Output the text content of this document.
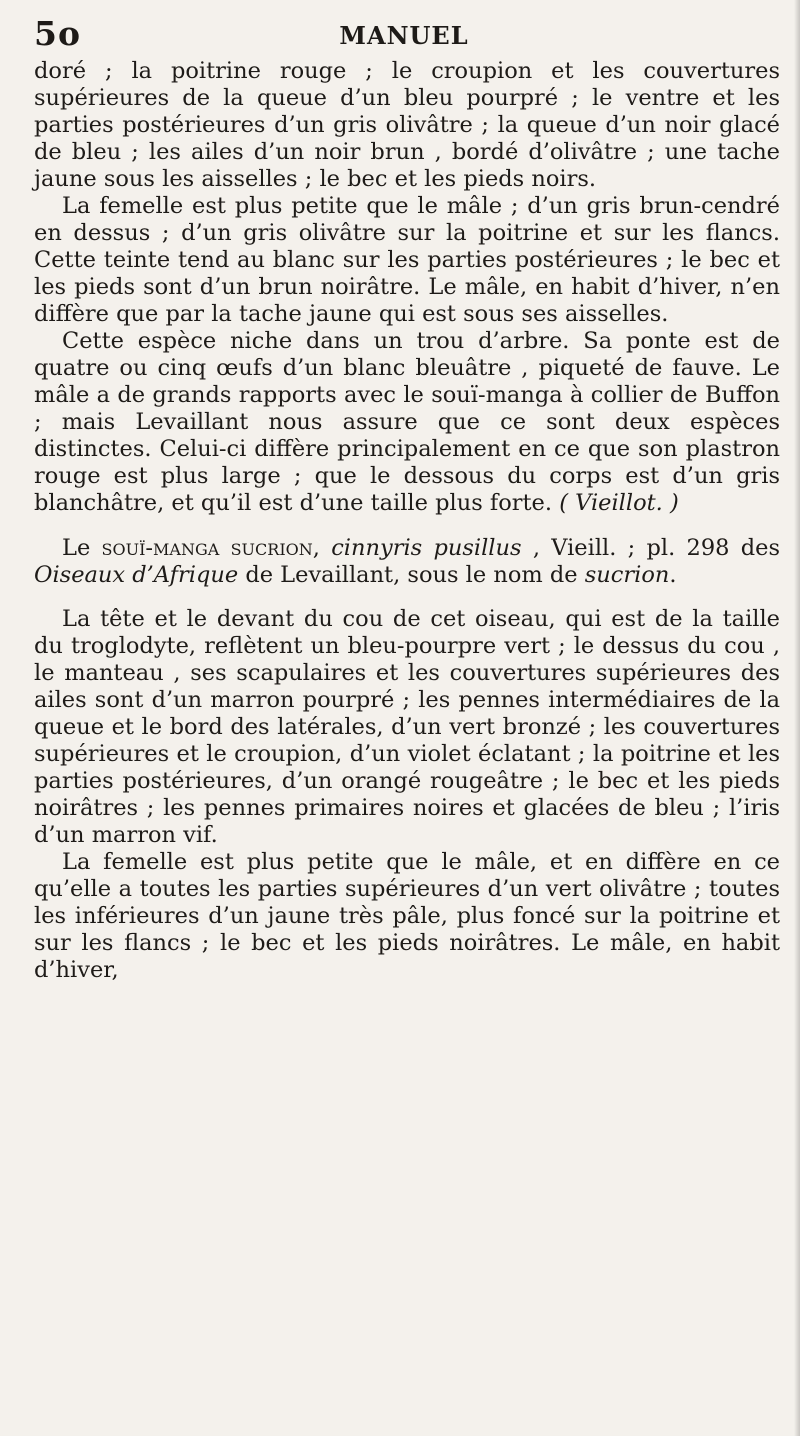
5o	MANUEL

doré ; la poitrine rouge ; le croupion et les couvertures supérieures de la queue d’un bleu pourpré ; le ventre et les parties postérieures d’un gris olivâtre ; la queue d’un noir glacé de bleu ; les ailes d’un noir brun , bordé d’olivâtre ; une tache jaune sous les aisselles ; le bec et les pieds noirs.

La femelle est plus petite que le mâle ; d’un gris brun-cendré en dessus ; d’un gris olivâtre sur la poitrine et sur les flancs. Cette teinte tend au blanc sur les parties postérieures ; le bec et les pieds sont d’un brun noirâtre. Le mâle, en habit d’hiver, n’en diffère que par la tache jaune qui est sous ses aisselles.

Cette espèce niche dans un trou d’arbre. Sa ponte est de quatre ou cinq œufs d’un blanc bleuâtre , piqueté de fauve. Le mâle a de grands rapports avec le souï-manga à collier de Buffon ; mais Levaillant nous assure que ce sont deux espèces distinctes. Celui-ci diffère principalement en ce que son plastron rouge est plus large ; que le dessous du corps est d’un gris blanchâtre, et qu’il est d’une taille plus forte. ( Vieillot. )

Le souï-manga sucrion, cinnyris pusillus , Vieill. ; pl. 298 des Oiseaux d’Afrique de Levaillant, sous le nom de sucrion.

La tête et le devant du cou de cet oiseau, qui est de la taille du troglodyte, reflètent un bleu-pourpre vert ; le dessus du cou , le manteau , ses scapulaires et les couvertures supérieures des ailes sont d’un marron pourpré ; les pennes intermédiaires de la queue et le bord des latérales, d’un vert bronzé ; les couvertures supérieures et le croupion, d’un violet éclatant ; la poitrine et les parties postérieures, d’un orangé rougeâtre ; le bec et les pieds noirâtres ; les pennes primaires noires et glacées de bleu ; l’iris d’un marron vif.

La femelle est plus petite que le mâle, et en diffère en ce qu’elle a toutes les parties supérieures d’un vert olivâtre ; toutes les inférieures d’un jaune très pâle, plus foncé sur la poitrine et sur les flancs ; le bec et les pieds noirâtres. Le mâle, en habit d’hiver,
